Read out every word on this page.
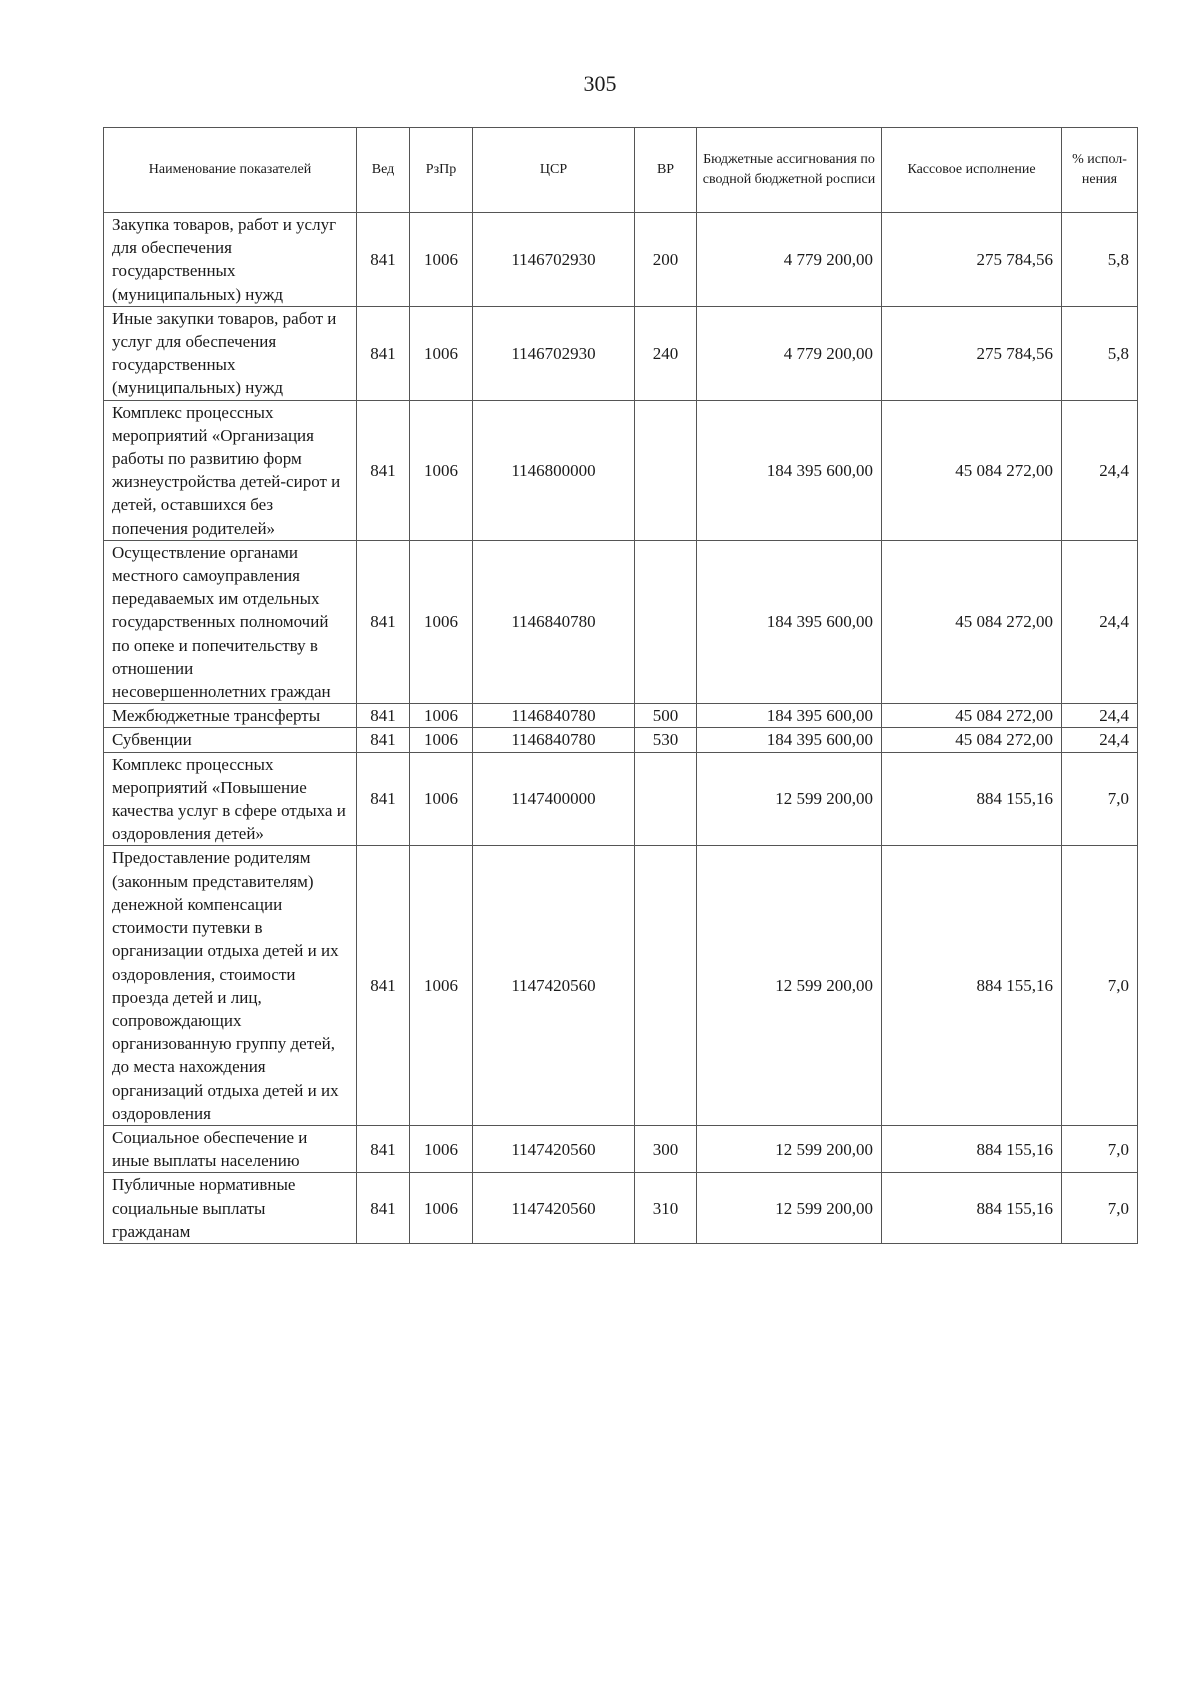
305
Наименование показателей	Вед	РзПр	ЦСР	ВР	Бюджетные ассигнования по сводной бюджетной росписи	Кассовое исполнение	% испол-нения
Закупка товаров, работ и услуг для обеспечения государственных (муниципальных) нужд	841	1006	1146702930	200	4 779 200,00	275 784,56	5,8
Иные закупки товаров, работ и услуг для обеспечения государственных (муниципальных) нужд	841	1006	1146702930	240	4 779 200,00	275 784,56	5,8
Комплекс процессных мероприятий «Организация работы по развитию форм жизнеустройства детей-сирот и детей, оставшихся без попечения родителей»	841	1006	1146800000		184 395 600,00	45 084 272,00	24,4
Осуществление органами местного самоуправления передаваемых им отдельных государственных полномочий по опеке и попечительству в отношении несовершеннолетних граждан	841	1006	1146840780		184 395 600,00	45 084 272,00	24,4
Межбюджетные трансферты	841	1006	1146840780	500	184 395 600,00	45 084 272,00	24,4
Субвенции	841	1006	1146840780	530	184 395 600,00	45 084 272,00	24,4
Комплекс процессных мероприятий «Повышение качества услуг в сфере отдыха и оздоровления детей»	841	1006	1147400000		12 599 200,00	884 155,16	7,0
Предоставление родителям (законным представителям) денежной компенсации стоимости путевки в организации отдыха детей и их оздоровления, стоимости проезда детей и лиц, сопровождающих организованную группу детей, до места нахождения организаций отдыха детей и их оздоровления	841	1006	1147420560		12 599 200,00	884 155,16	7,0
Социальное обеспечение и иные выплаты населению	841	1006	1147420560	300	12 599 200,00	884 155,16	7,0
Публичные нормативные социальные выплаты гражданам	841	1006	1147420560	310	12 599 200,00	884 155,16	7,0
